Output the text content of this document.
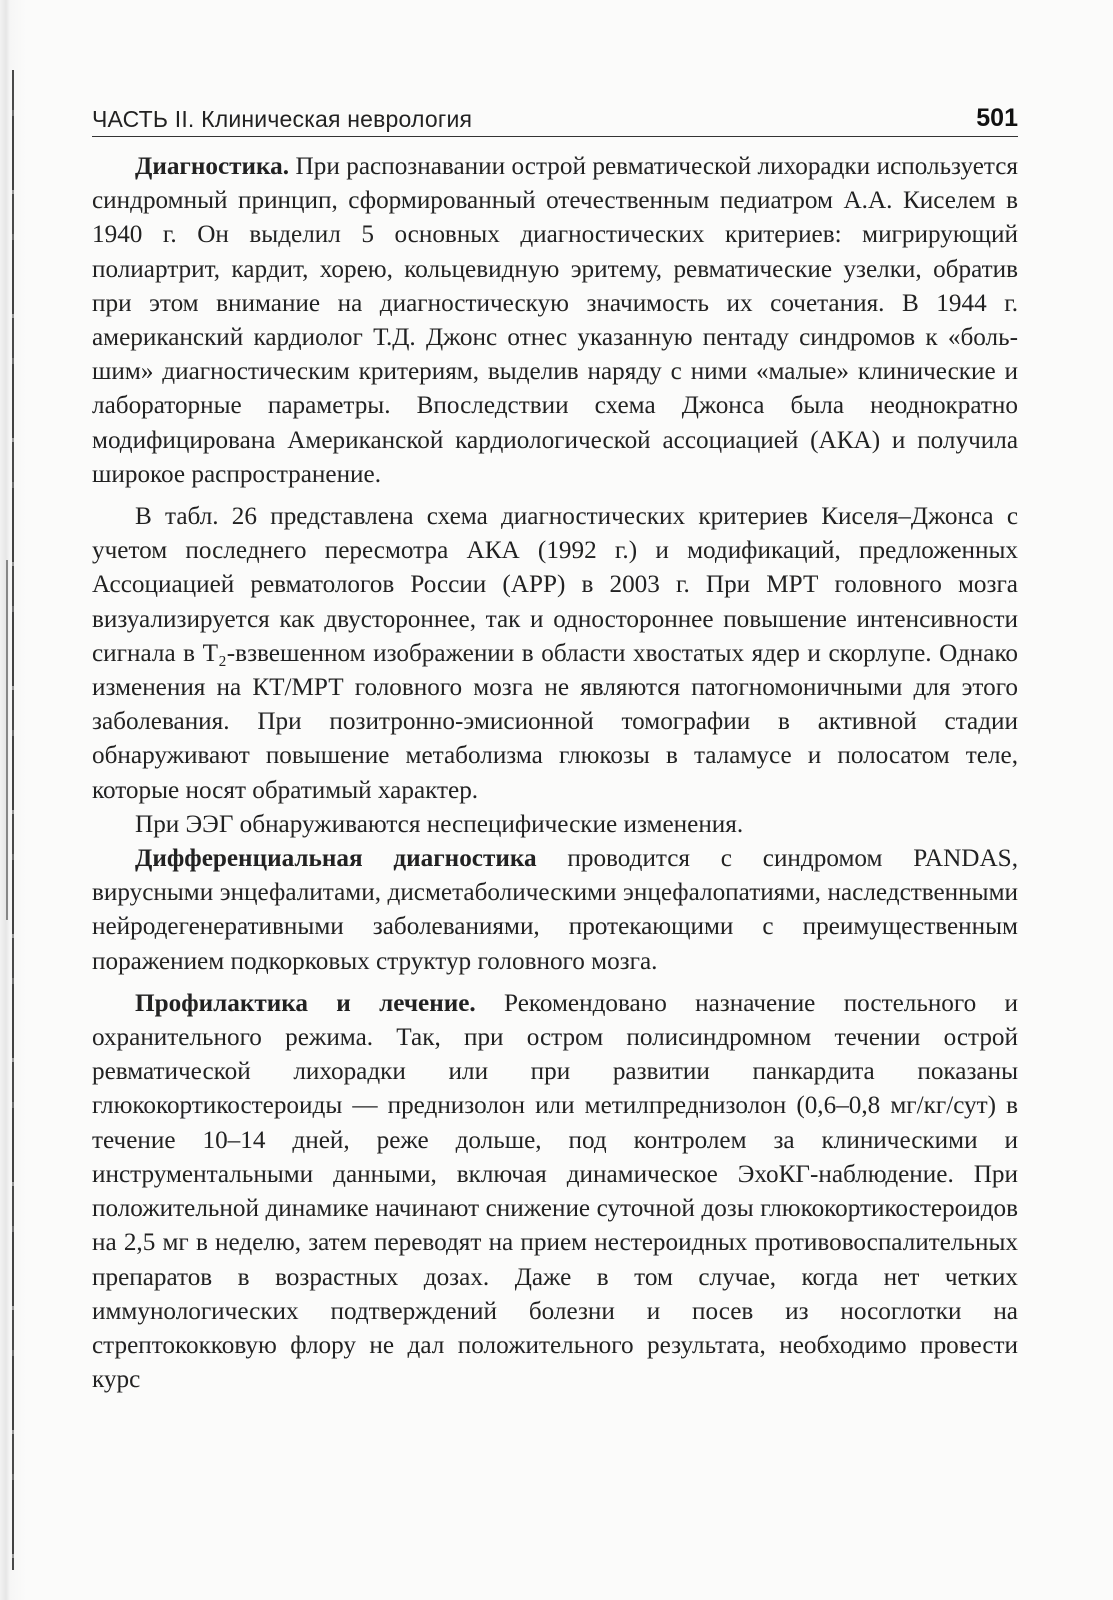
ЧАСТЬ II. Клиническая неврология	501

Диагностика. При распознавании острой ревматической лихорадки используется синдромный принцип, сформированный отечественным педиатром А.А. Киселем в 1940 г. Он выделил 5 основных диагностических критериев: мигрирующий полиартрит, кардит, хорею, кольцевидную эритему, ревматические узелки, обратив при этом внимание на диагностическую значимость их сочетания. В 1944 г. американский кардиолог Т.Д. Джонс отнес указанную пентаду синдромов к «большим» диагностическим критериям, выделив наряду с ними «малые» клинические и лабораторные параметры. Впоследствии схема Джонса была неоднократно модифицирована Американской кардиологической ассоциацией (АКА) и получила широкое распространение.

В табл. 26 представлена схема диагностических критериев Киселя–Джонса с учетом последнего пересмотра АКА (1992 г.) и модификаций, предложенных Ассоциацией ревматологов России (АРР) в 2003 г. При МРТ головного мозга визуализируется как двустороннее, так и одностороннее повышение интенсивности сигнала в Т₂-взвешенном изображении в области хвостатых ядер и скорлупе. Однако изменения на КТ/МРТ головного мозга не являются патогномоничными для этого заболевания. При позитронно-эмисионной томографии в активной стадии обнаруживают повышение метаболизма глюкозы в таламусе и полосатом теле, которые носят обратимый характер.

При ЭЭГ обнаруживаются неспецифические изменения.

Дифференциальная диагностика проводится с синдромом PANDAS, вирусными энцефалитами, дисметаболическими энцефалопатиями, наследственными нейродегенеративными заболеваниями, протекающими с преимущественным поражением подкорковых структур головного мозга.

Профилактика и лечение. Рекомендовано назначение постельного и охранительного режима. Так, при остром полисиндромном течении острой ревматической лихорадки или при развитии панкардита показаны глюкокортикостероиды — преднизолон или метилпреднизолон (0,6–0,8 мг/кг/сут) в течение 10–14 дней, реже дольше, под контролем за клиническими и инструментальными данными, включая динамическое ЭхоКГ-наблюдение. При положительной динамике начинают снижение суточной дозы глюкокортикостероидов на 2,5 мг в неделю, затем переводят на прием нестероидных противовоспалительных препаратов в возрастных дозах. Даже в том случае, когда нет четких иммунологических подтверждений болезни и посев из носоглотки на стрептококковую флору не дал положительного результата, необходимо провести курс
